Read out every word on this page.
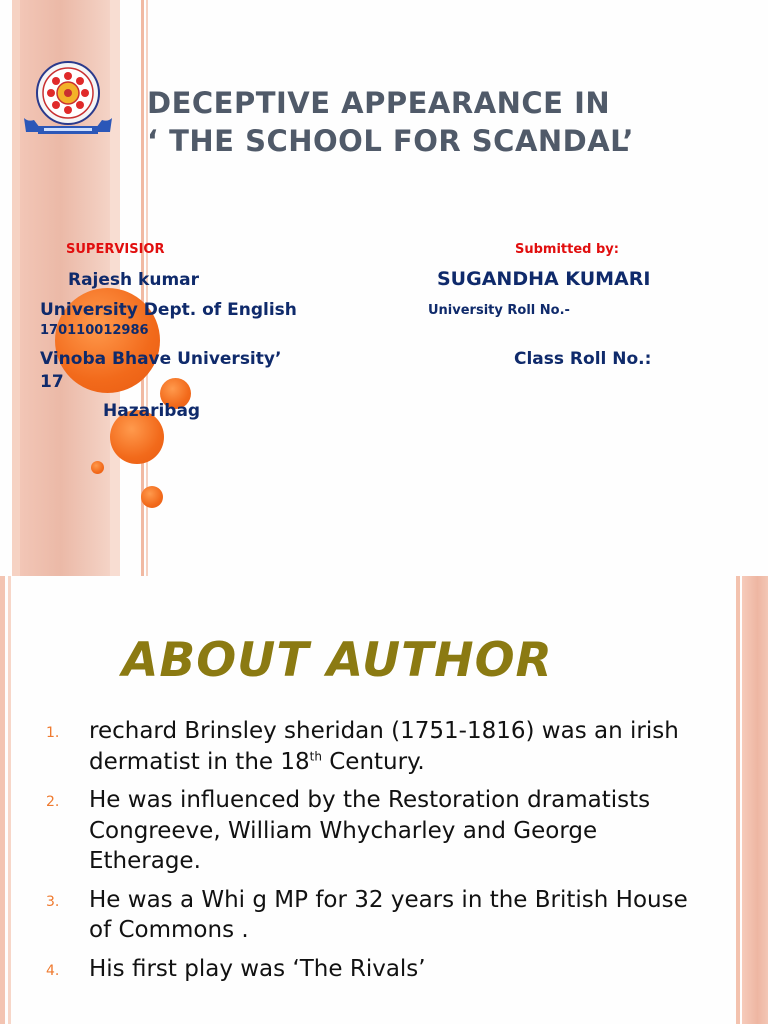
DECEPTIVE APPEARANCE IN
‘ THE SCHOOL FOR SCANDAL’
SUPERVISIOR	Submitted by:
Rajesh kumar	SUGANDHA KUMARI
University Dept. of English	University Roll No.-
170110012986
Vinoba Bhave University’	Class Roll No.:
17
Hazaribag
ABOUT AUTHOR
1.	rechard Brinsley sheridan (1751-1816) was an irish dermatist in the 18th Century.
2.	He was influenced by the Restoration dramatists Congreeve, William Whycharley and George Etherage.
3.	He was a Whi g MP for 32 years in the British House of Commons .
4.	His first play was ‘The Rivals’
